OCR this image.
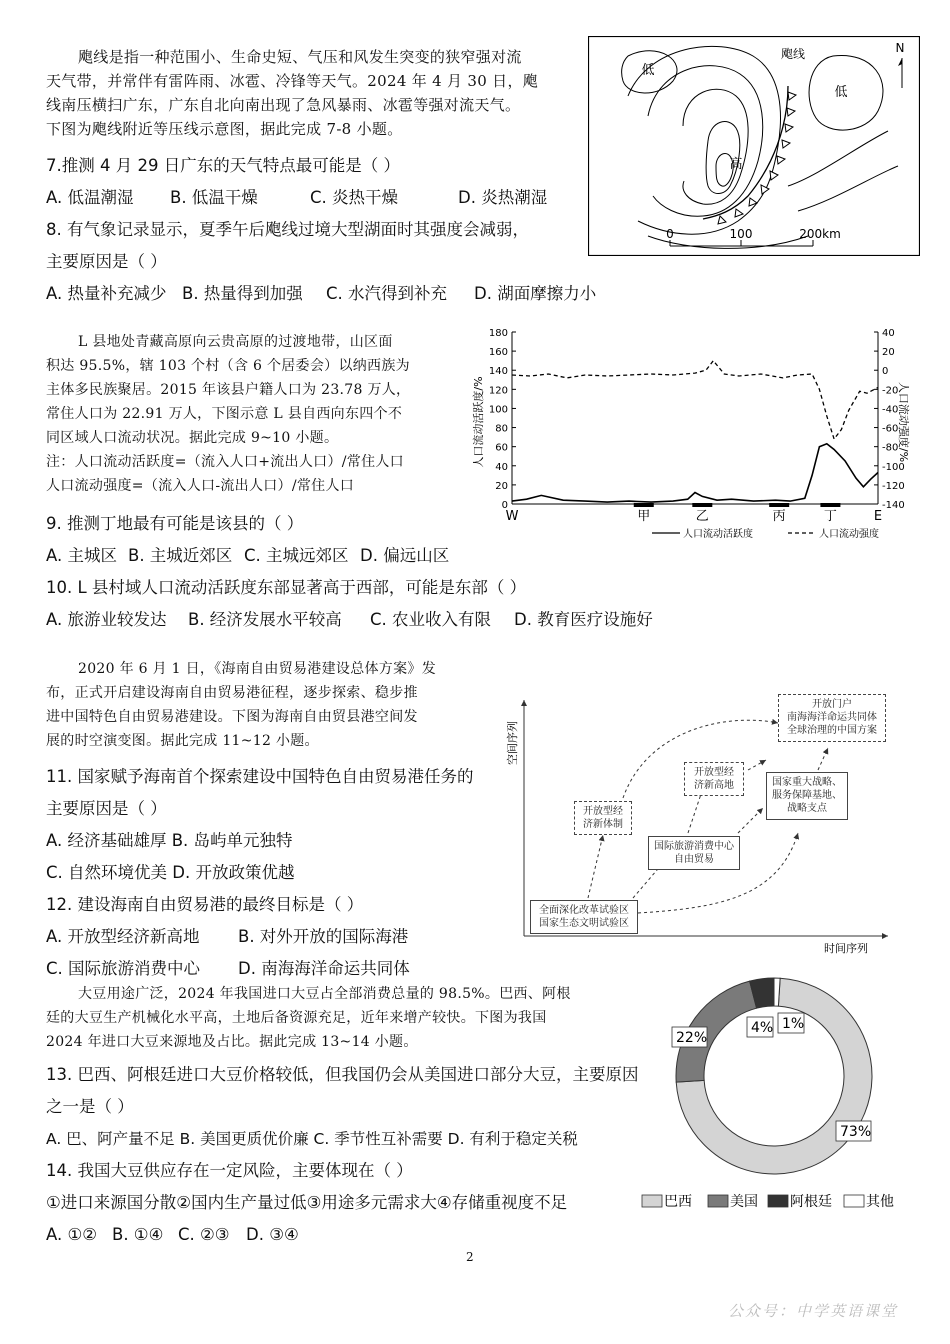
飑线是指一种范围小、生命史短、气压和风发生突变的狭窄强对流
天气带，并常伴有雷阵雨、冰雹、冷锋等天气。2024 年 4 月 30 日，飑
线南压横扫广东，广东自北向南出现了急风暴雨、冰雹等强对流天气。
下图为飑线附近等压线示意图，据此完成 7-8 小题。
7.推测 4 月 29 日广东的天气特点最可能是（ ）
A. 低温潮湿 B. 低温干燥	C. 炎热干燥	D. 炎热潮湿
8. 有气象记录显示，夏季午后飑线过境大型湖面时其强度会减弱，
主要原因是（ ）
A. 热量补充减少 B. 热量得到加强 C. 水汽得到补充 D. 湖面摩擦力小
N
飑线
低
低
高
0	100	200km
L 县地处青藏高原向云贵高原的过渡地带，山区面
积达 95.5%，辖 103 个村（含 6 个居委会）以纳西族为
主体多民族聚居。2015 年该县户籍人口为 23.78 万人，
常住人口为 22.91 万人，下图示意 L 县自西向东四个不
同区域人口流动状况。据此完成 9~10 小题。
注：人口流动活跃度=（流入人口+流出人口）/常住人口
人口流动强度=（流入人口-流出人口）/常住人口
人口流动活跃度/%	人口流动强度/%
180
160
140
120
100
80
60
40
20
0
40
20
0
-20
-40
-60
-80
-100
-120
-140
W	甲	乙	丙	丁	E
人口流动活跃度	人口流动强度
9. 推测丁地最有可能是该县的（ ）
A. 主城区 B. 主城近郊区 C. 主城远郊区 D. 偏远山区
10. L 县村域人口流动活跃度东部显著高于西部，可能是东部（ ）
A. 旅游业较发达 B. 经济发展水平较高 C. 农业收入有限 D. 教育医疗设施好
2020 年 6 月 1 日，《海南自由贸易港建设总体方案》发
布，正式开启建设海南自由贸易港征程，逐步探索、稳步推
进中国特色自由贸易港建设。下图为海南自由贸县港空间发
展的时空演变图。据此完成 11~12 小题。
11. 国家赋予海南首个探索建设中国特色自由贸易港任务的
主要原因是（ ）
A. 经济基础雄厚 B. 岛屿单元独特
C. 自然环境优美 D. 开放政策优越
12. 建设海南自由贸易港的最终目标是（ ）
A. 开放型经济新高地 B. 对外开放的国际海港
C. 国际旅游消费中心 D. 南海海洋命运共同体
空间序列
时间序列
全面深化改革试验区
国家生态文明试验区
开放型经
济新体制
国际旅游消费中心
自由贸易
开放型经
济新高地	国家重大战略、
服务保障基地、
战略支点
开放门户
南海海洋命运共同体
全球治理的中国方案
大豆用途广泛，2024 年我国进口大豆占全部消费总量的 98.5%。巴西、阿根
廷的大豆生产机械化水平高，土地后备资源充足，近年来增产较快。下图为我国
2024 年进口大豆来源地及占比。据此完成 13~14 小题。
13. 巴西、阿根廷进口大豆价格较低，但我国仍会从美国进口部分大豆，主要原因
之一是（ ）
A. 巴、阿产量不足 B. 美国更质优价廉 C. 季节性互补需要 D. 有利于稳定关税
14. 我国大豆供应存在一定风险，主要体现在（ ）
①进口来源国分散②国内生产量过低③用途多元需求大④存储重视度不足
A. ①② B. ①④ C. ②③ D. ③④
73%
22%
4% 1%
巴西	美国 阿根廷 其他
2
公众号：中学英语课堂
